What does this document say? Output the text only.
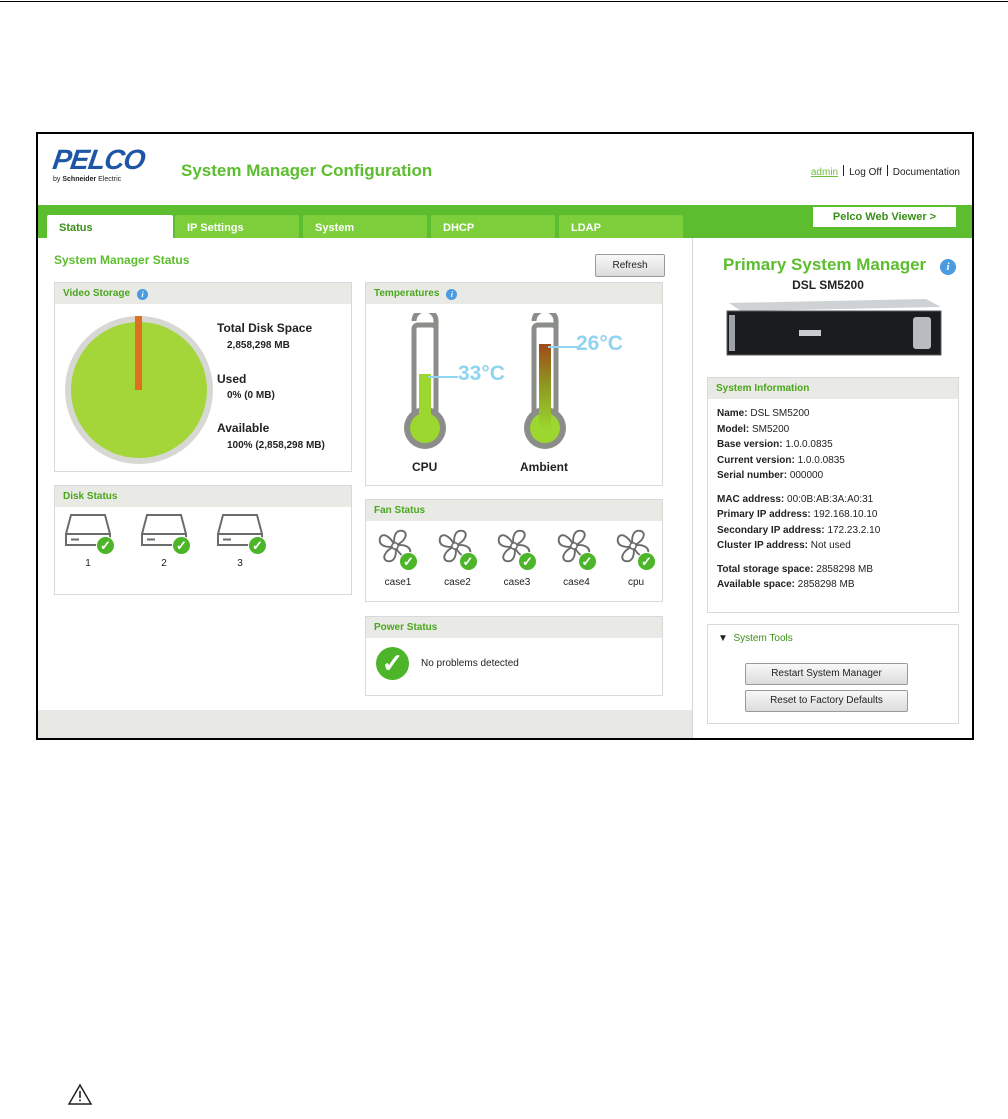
PELCO
by Schneider Electric	System Manager Configuration	admin Log Off Documentation
Status	IP Settings	System	DHCP	LDAP
Pelco Web Viewer >
System Manager Status	Refresh
Video Storage i
Total Disk Space
2,858,298 MB
Used
0% (0 MB)
Available
100% (2,858,298 MB)
Temperatures i
33°C
CPU
26°C
Ambient
Disk Status
✓
1
✓
2
✓
3
Fan Status
✓
case1
✓
case2
✓
case3
✓
case4
✓
cpu
Power Status
✓	No problems detected
Primary System Manager	i
DSL SM5200
System Information
Name: DSL SM5200
Model: SM5200
Base version: 1.0.0.0835
Current version: 1.0.0.0835
Serial number: 000000
MAC address: 00:0B:AB:3A:A0:31
Primary IP address: 192.168.10.10
Secondary IP address: 172.23.2.10
Cluster IP address: Not used
Total storage space: 2858298 MB
Available space: 2858298 MB
▼ System Tools
Restart System Manager
Reset to Factory Defaults
